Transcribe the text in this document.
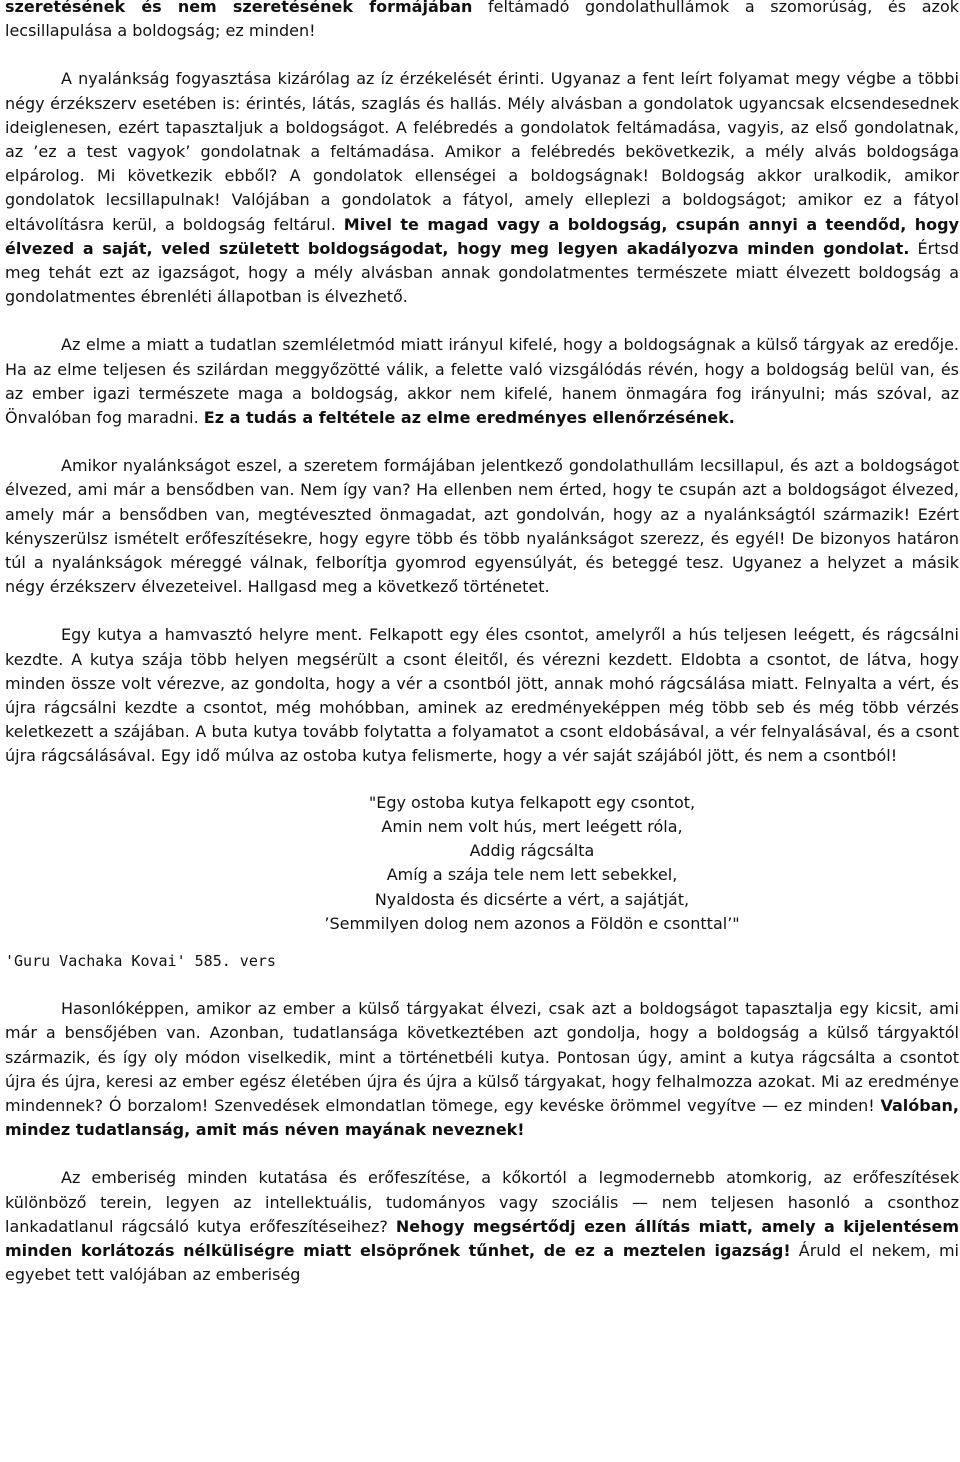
szeretésének és nem szeretésének formájában feltámadó gondolathullámok a szomorúság, és azok lecsillapulása a boldogság; ez minden!

A nyalánkság fogyasztása kizárólag az íz érzékelését érinti. Ugyanaz a fent leírt folyamat megy végbe a többi négy érzékszerv esetében is: érintés, látás, szaglás és hallás. Mély alvásban a gondolatok ugyancsak elcsendesednek ideiglenesen, ezért tapasztaljuk a boldogságot. A felébredés a gondolatok feltámadása, vagyis, az első gondolatnak, az ’ez a test vagyok’ gondolatnak a feltámadása. Amikor a felébredés bekövetkezik, a mély alvás boldogsága elpárolog. Mi következik ebből? A gondolatok ellenségei a boldogságnak! Boldogság akkor uralkodik, amikor gondolatok lecsillapulnak! Valójában a gondolatok a fátyol, amely elleplezi a boldogságot; amikor ez a fátyol eltávolításra kerül, a boldogság feltárul. Mivel te magad vagy a boldogság, csupán annyi a teendőd, hogy élvezed a saját, veled született boldogságodat, hogy meg legyen akadályozva minden gondolat. Értsd meg tehát ezt az igazságot, hogy a mély alvásban annak gondolatmentes természete miatt élvezett boldogság a gondolatmentes ébrenléti állapotban is élvezhető.

Az elme a miatt a tudatlan szemléletmód miatt irányul kifelé, hogy a boldogságnak a külső tárgyak az eredője. Ha az elme teljesen és szilárdan meggyőzötté válik, a felette való vizsgálódás révén, hogy a boldogság belül van, és az ember igazi természete maga a boldogság, akkor nem kifelé, hanem önmagára fog irányulni; más szóval, az Önvalóban fog maradni. Ez a tudás a feltétele az elme eredményes ellenőrzésének.

Amikor nyalánkságot eszel, a szeretem formájában jelentkező gondolathullám lecsillapul, és azt a boldogságot élvezed, ami már a bensődben van. Nem így van? Ha ellenben nem érted, hogy te csupán azt a boldogságot élvezed, amely már a bensődben van, megtéveszted önmagadat, azt gondolván, hogy az a nyalánkságtól származik! Ezért kényszerülsz ismételt erőfeszítésekre, hogy egyre több és több nyalánkságot szerezz, és egyél! De bizonyos határon túl a nyalánkságok méreggé válnak, felborítja gyomrod egyensúlyát, és beteggé tesz. Ugyanez a helyzet a másik négy érzékszerv élvezeteivel. Hallgasd meg a következő történetet.

Egy kutya a hamvasztó helyre ment. Felkapott egy éles csontot, amelyről a hús teljesen leégett, és rágcsálni kezdte. A kutya szája több helyen megsérült a csont éleitől, és vérezni kezdett. Eldobta a csontot, de látva, hogy minden össze volt vérezve, az gondolta, hogy a vér a csontból jött, annak mohó rágcsálása miatt. Felnyalta a vért, és újra rágcsálni kezdte a csontot, még mohóbban, aminek az eredményeképpen még több seb és még több vérzés keletkezett a szájában. A buta kutya tovább folytatta a folyamatot a csont eldobásával, a vér felnyalásával, és a csont újra rágcsálásával. Egy idő múlva az ostoba kutya felismerte, hogy a vér saját szájából jött, és nem a csontból!

"Egy ostoba kutya felkapott egy csontot,
Amin nem volt hús, mert leégett róla,
Addig rágcsálta
Amíg a szája tele nem lett sebekkel,
Nyaldosta és dicsérte a vért, a sajátját,
’Semmilyen dolog nem azonos a Földön e csonttal’"
'Guru Vachaka Kovai' 585. vers

Hasonlóképpen, amikor az ember a külső tárgyakat élvezi, csak azt a boldogságot tapasztalja egy kicsit, ami már a bensőjében van. Azonban, tudatlansága következtében azt gondolja, hogy a boldogság a külső tárgyaktól származik, és így oly módon viselkedik, mint a történetbéli kutya. Pontosan úgy, amint a kutya rágcsálta a csontot újra és újra, keresi az ember egész életében újra és újra a külső tárgyakat, hogy felhalmozza azokat. Mi az eredménye mindennek? Ó borzalom! Szenvedések elmondatlan tömege, egy kevéske örömmel vegyítve — ez minden! Valóban, mindez tudatlanság, amit más néven mayának neveznek!

Az emberiség minden kutatása és erőfeszítése, a kőkortól a legmodernebb atomkorig, az erőfeszítések különböző terein, legyen az intellektuális, tudományos vagy szociális — nem teljesen hasonló a csonthoz lankadatlanul rágcsáló kutya erőfeszítéseihez? Nehogy megsértődj ezen állítás miatt, amely a kijelentésem minden korlátozás nélküliségre miatt elsöprőnek tűnhet, de ez a meztelen igazság! Áruld el nekem, mi egyebet tett valójában az emberiség
